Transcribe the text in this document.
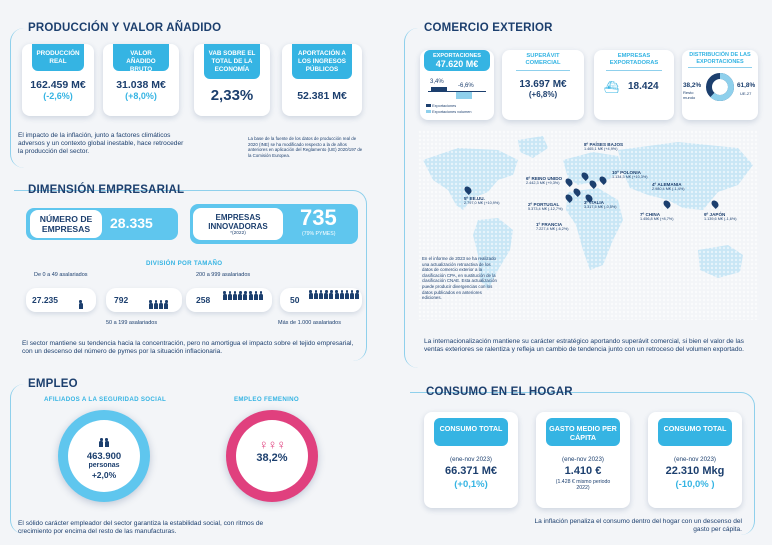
PRODUCCIÓN Y VALOR AÑADIDO
PRODUCCIÓN REAL
162.459 M€
(-2,6%)
VALOR AÑADIDO BRUTO
31.038 M€
(+8,0%)
VAB SOBRE EL TOTAL DE LA ECONOMÍA
2,33%
APORTACIÓN A LOS INGRESOS PÚBLICOS
52.381 M€
El impacto de la inflación, junto a factores climáticos adversos y un contexto global inestable, hace retroceder la producción del sector.
La base de la fuente de los datos de producción real de 2020 (INE) se ha modificado respecto a la de años anteriores en aplicación del Reglamento (UE) 2020/197 de la Comisión Europea.
DIMENSIÓN EMPRESARIAL
NÚMERO DE EMPRESAS	28.335	EMPRESAS INNOVADORAS
*(2022)
735
(79% PYMES)
DIVISIÓN POR TAMAÑO
De 0 a 49 asalariados
50 a 199 asalariados
200 a 999 asalariados
Más de 1.000 asalariados
27.235	792	258	50
El sector mantiene su tendencia hacia la concentración, pero no amortigua el impacto sobre el tejido empresarial, con un descenso del número de pymes por la situación inflacionaria.
EMPLEO
AFILIADOS A LA SEGURIDAD SOCIAL
463.900
personas
+2,0%
EMPLEO FEMENINO
♀♀♀
38,2%
El sólido carácter empleador del sector garantiza la estabilidad social, con ritmos de crecimiento por encima del resto de las manufacturas.
COMERCIO EXTERIOR
EXPORTACIONES
47.620 M€
3,4%
-6,6%
Exportaciones
Exportaciones volumen
SUPERÁVIT COMERCIAL
13.697 M€
(+6,8%)
EMPRESAS EXPORTADORAS
⛴ 18.424
DISTRIBUCIÓN DE LAS EXPORTACIONES
38,2%
Resto mundo
61,8%
UE-27
5º EE.UU.
2.797,0 M€ (+10,9%)
6º REINO UNIDO
2.442,3 M€ (+9,3%)
2º PORTUGAL
5.373,4 M€ (-12,7%)
1º FRANCIA
7.227,4 M€ (-6,2%)
8º PAÍSES BAJOS
1.465,1 M€ (+4,9%)
10º POLONIA
1.134,3 M€ (+10,3%)
4º ALEMANIA
2.980,4 M€ (-1,4%)
3º ITALIA
3.317,5 M€ (-0,5%)
7º CHINA
1.456,8 M€ (+8,7%)
9º JAPÓN
1.139,6 M€ (-1,6%)
En el informe de 2023 se ha realizado una actualización retroactiva de los datos de comercio exterior a la clasificación CPA, en sustitución de la clasificación CNAE. Esta actualización puede producir divergencias con los datos publicados en anteriores ediciones.
La internacionalización mantiene su carácter estratégico aportando superávit comercial, si bien el valor de las ventas exteriores se ralentiza y refleja un cambio de tendencia junto con un retroceso del volumen exportado.
CONSUMO EN EL HOGAR
CONSUMO TOTAL
(ene-nov 2023)
66.371 M€
(+0,1%)
GASTO MEDIO PER CÁPITA
(ene-nov 2023)
1.410 €
(1.428 € mismo periodo 2022)
CONSUMO TOTAL
(ene-nov 2023)
22.310 Mkg
(-10,0% )
La inflación penaliza el consumo dentro del hogar con un descenso del gasto per cápita.
